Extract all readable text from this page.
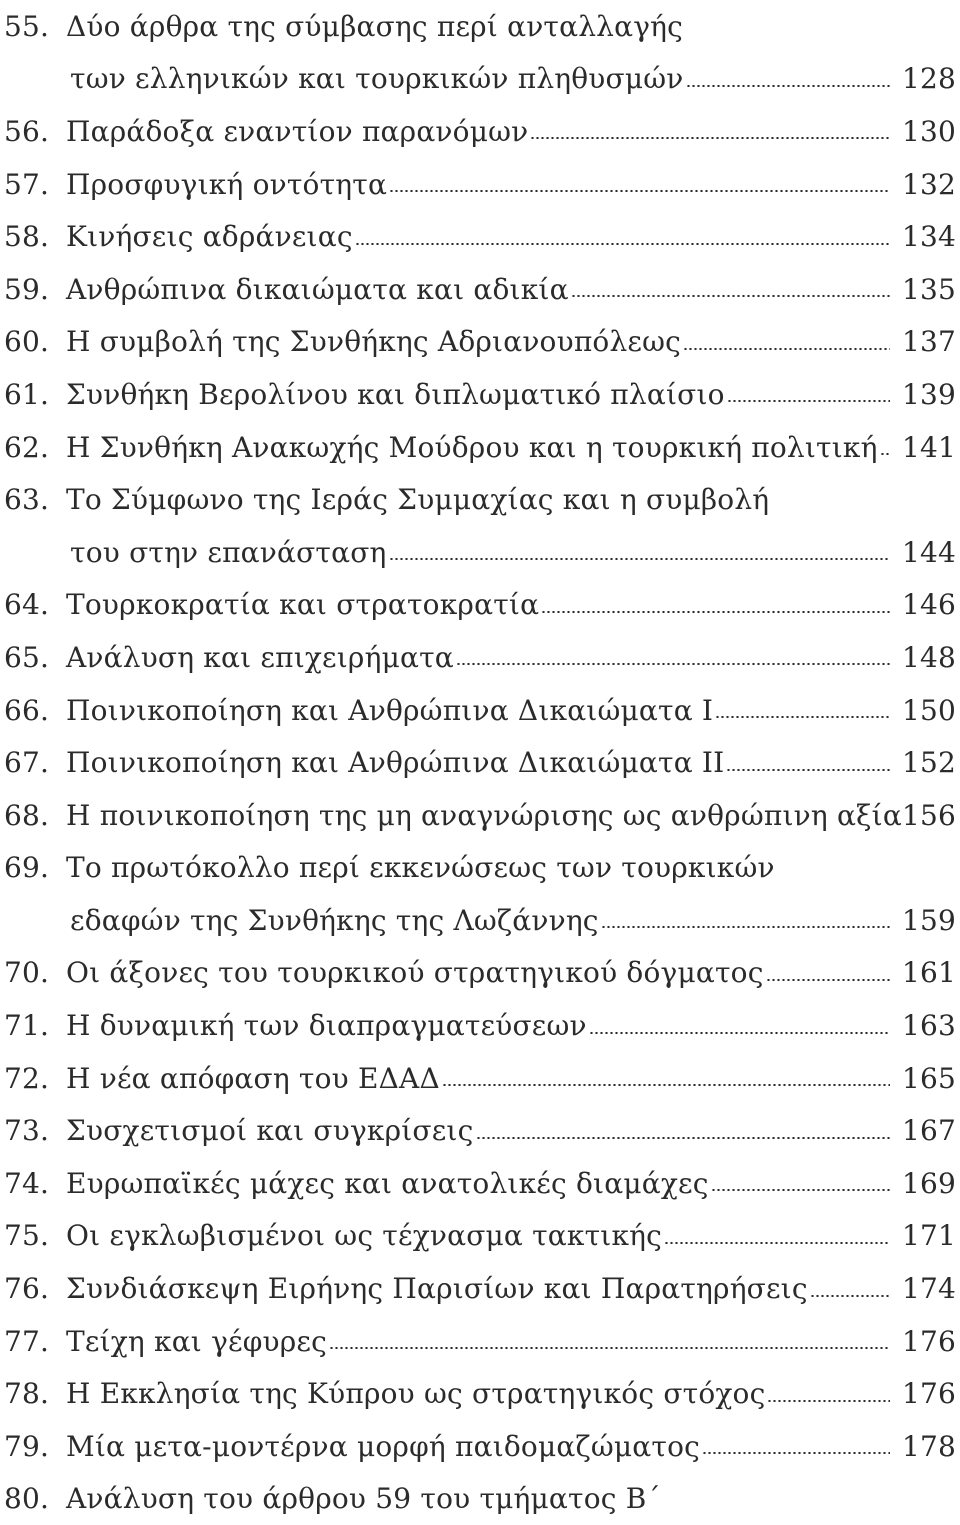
55. Δύο άρθρα της σύμβασης περί ανταλλαγής
των ελληνικών και τουρκικών πληθυσμών	128
56. Παράδοξα εναντίον παρανόμων	130
57. Προσφυγική οντότητα	132
58. Κινήσεις αδράνειας	134
59. Ανθρώπινα δικαιώματα και αδικία	135
60. Η συμβολή της Συνθήκης Αδριανουπόλεως	137
61. Συνθήκη Βερολίνου και διπλωματικό πλαίσιο	139
62. Η Συνθήκη Ανακωχής Μούδρου και η τουρκική πολιτική 141
63. Το Σύμφωνο της Ιεράς Συμμαχίας και η συμβολή
του στην επανάσταση	144
64. Τουρκοκρατία και στρατοκρατία	146
65. Ανάλυση και επιχειρήματα	148
66. Ποινικοποίηση και Ανθρώπινα Δικαιώματα Ι	150
67. Ποινικοποίηση και Ανθρώπινα Δικαιώματα ΙΙ	152
68. Η ποινικοποίηση της μη αναγνώρισης ως ανθρώπινη αξία 156
69. Το πρωτόκολλο περί εκκενώσεως των τουρκικών
εδαφών της Συνθήκης της Λωζάννης	159
70. Οι άξονες του τουρκικού στρατηγικού δόγματος	161
71. Η δυναμική των διαπραγματεύσεων	163
72. Η νέα απόφαση του ΕΔΑΔ	165
73. Συσχετισμοί και συγκρίσεις	167
74. Ευρωπαϊκές μάχες και ανατολικές διαμάχες	169
75. Οι εγκλωβισμένοι ως τέχνασμα τακτικής	171
76. Συνδιάσκεψη Ειρήνης Παρισίων και Παρατηρήσεις	174
77. Τείχη και γέφυρες	176
78. Η Εκκλησία της Κύπρου ως στρατηγικός στόχος	176
79. Μία μετα-μοντέρνα μορφή παιδομαζώματος	178
80. Ανάλυση του άρθρου 59 του τμήματος Β΄
